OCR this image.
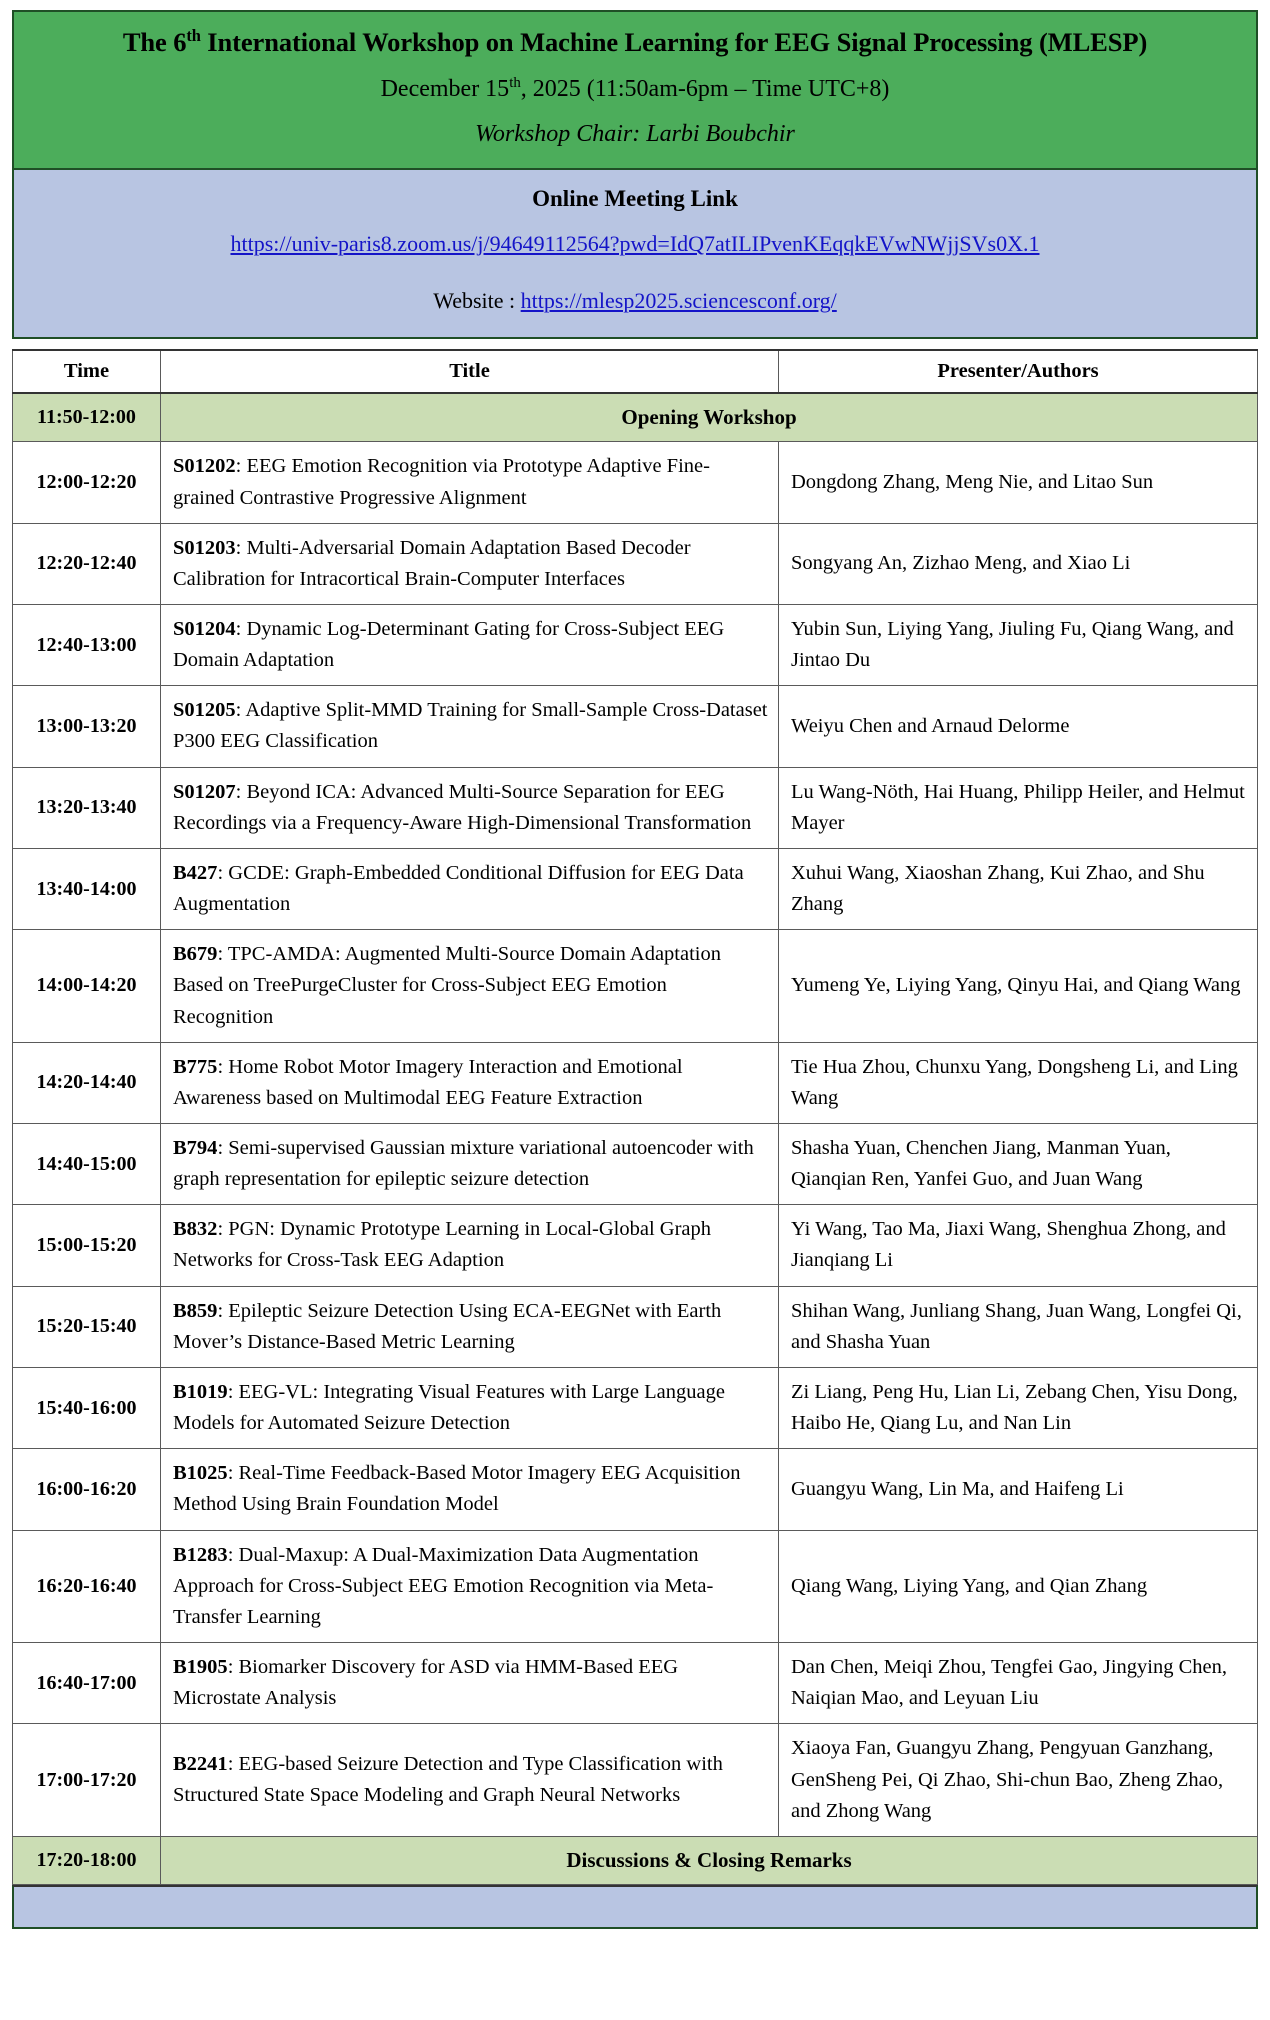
The 6th International Workshop on Machine Learning for EEG Signal Processing (MLESP)
December 15th, 2025 (11:50am-6pm – Time UTC+8)
Workshop Chair: Larbi Boubchir
Online Meeting Link
https://univ-paris8.zoom.us/j/94649112564?pwd=IdQ7atILIPvenKEqqkEVwNWjjSVs0X.1
Website : https://mlesp2025.sciencesconf.org/
Time	Title	Presenter/Authors
11:50-12:00	Opening Workshop	
12:00-12:20	S01202: EEG Emotion Recognition via Prototype Adaptive Fine-grained Contrastive Progressive Alignment	Dongdong Zhang, Meng Nie, and Litao Sun
12:20-12:40	S01203: Multi-Adversarial Domain Adaptation Based Decoder Calibration for Intracortical Brain-Computer Interfaces	Songyang An, Zizhao Meng, and Xiao Li
12:40-13:00	S01204: Dynamic Log-Determinant Gating for Cross-Subject EEG Domain Adaptation	Yubin Sun, Liying Yang, Jiuling Fu, Qiang Wang, and Jintao Du
13:00-13:20	S01205: Adaptive Split-MMD Training for Small-Sample Cross-Dataset P300 EEG Classification	Weiyu Chen and Arnaud Delorme
13:20-13:40	S01207: Beyond ICA: Advanced Multi-Source Separation for EEG Recordings via a Frequency-Aware High-Dimensional Transformation	Lu Wang-Nöth, Hai Huang, Philipp Heiler, and Helmut Mayer
13:40-14:00	B427: GCDE: Graph-Embedded Conditional Diffusion for EEG Data Augmentation	Xuhui Wang, Xiaoshan Zhang, Kui Zhao, and Shu Zhang
14:00-14:20	B679: TPC-AMDA: Augmented Multi-Source Domain Adaptation Based on TreePurgeCluster for Cross-Subject EEG Emotion Recognition	Yumeng Ye, Liying Yang, Qinyu Hai, and Qiang Wang
14:20-14:40	B775: Home Robot Motor Imagery Interaction and Emotional Awareness based on Multimodal EEG Feature Extraction	Tie Hua Zhou, Chunxu Yang, Dongsheng Li, and Ling Wang
14:40-15:00	B794: Semi-supervised Gaussian mixture variational autoencoder with graph representation for epileptic seizure detection	Shasha Yuan, Chenchen Jiang, Manman Yuan, Qianqian Ren, Yanfei Guo, and Juan Wang
15:00-15:20	B832: PGN: Dynamic Prototype Learning in Local-Global Graph Networks for Cross-Task EEG Adaption	Yi Wang, Tao Ma, Jiaxi Wang, Shenghua Zhong, and Jianqiang Li
15:20-15:40	B859: Epileptic Seizure Detection Using ECA-EEGNet with Earth Mover’s Distance-Based Metric Learning	Shihan Wang, Junliang Shang, Juan Wang, Longfei Qi, and Shasha Yuan
15:40-16:00	B1019: EEG-VL: Integrating Visual Features with Large Language Models for Automated Seizure Detection	Zi Liang, Peng Hu, Lian Li, Zebang Chen, Yisu Dong, Haibo He, Qiang Lu, and Nan Lin
16:00-16:20	B1025: Real-Time Feedback-Based Motor Imagery EEG Acquisition Method Using Brain Foundation Model	Guangyu Wang, Lin Ma, and Haifeng Li
16:20-16:40	B1283: Dual-Maxup: A Dual-Maximization Data Augmentation Approach for Cross-Subject EEG Emotion Recognition via Meta-Transfer Learning	Qiang Wang, Liying Yang, and Qian Zhang
16:40-17:00	B1905: Biomarker Discovery for ASD via HMM-Based EEG Microstate Analysis	Dan Chen, Meiqi Zhou, Tengfei Gao, Jingying Chen, Naiqian Mao, and Leyuan Liu
17:00-17:20	B2241: EEG-based Seizure Detection and Type Classification with Structured State Space Modeling and Graph Neural Networks	Xiaoya Fan, Guangyu Zhang, Pengyuan Ganzhang, GenSheng Pei, Qi Zhao, Shi-chun Bao, Zheng Zhao, and Zhong Wang
17:20-18:00	Discussions & Closing Remarks	
